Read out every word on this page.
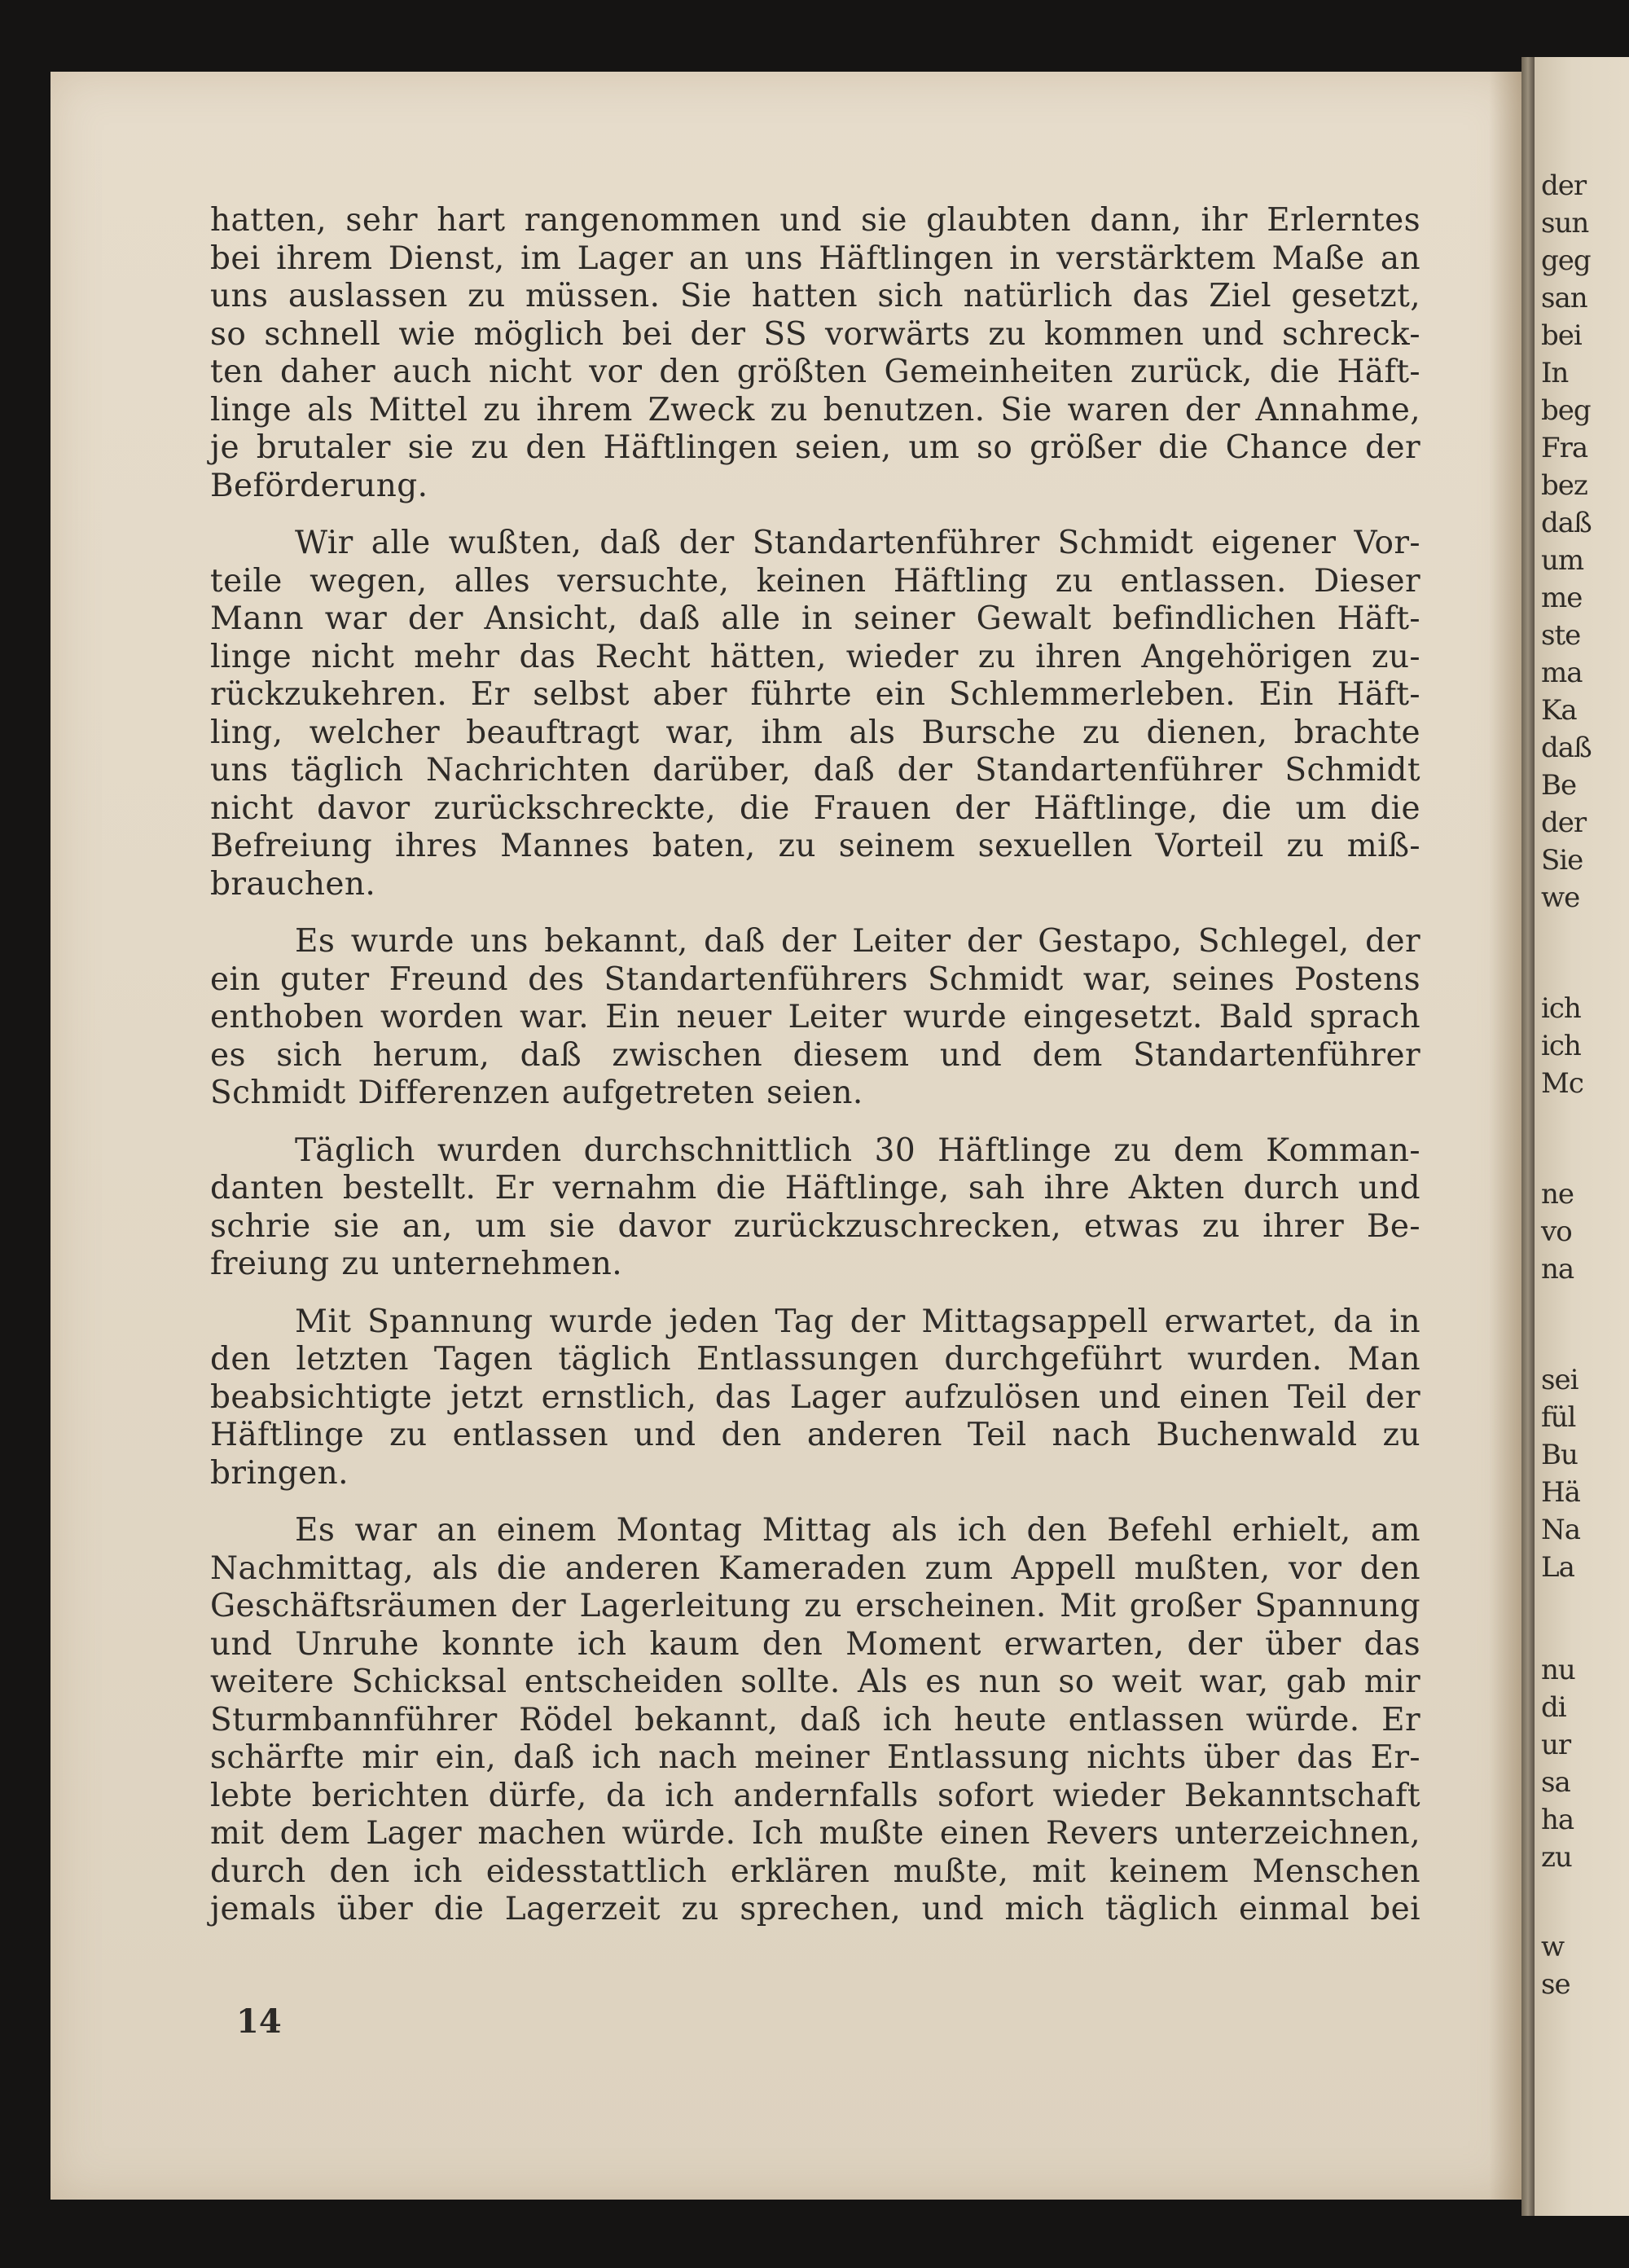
hatten, sehr hart rangenommen und sie glaubten dann, ihr Erlerntes
bei ihrem Dienst, im Lager an uns Häftlingen in verstärktem Maße an
uns auslassen zu müssen. Sie hatten sich natürlich das Ziel gesetzt,
so schnell wie möglich bei der SS vorwärts zu kommen und schreck-
ten daher auch nicht vor den größten Gemeinheiten zurück, die Häft-
linge als Mittel zu ihrem Zweck zu benutzen. Sie waren der Annahme,
je brutaler sie zu den Häftlingen seien, um so größer die Chance der
Beförderung.

Wir alle wußten, daß der Standartenführer Schmidt eigener Vor-
teile wegen, alles versuchte, keinen Häftling zu entlassen. Dieser
Mann war der Ansicht, daß alle in seiner Gewalt befindlichen Häft-
linge nicht mehr das Recht hätten, wieder zu ihren Angehörigen zu-
rückzukehren. Er selbst aber führte ein Schlemmerleben. Ein Häft-
ling, welcher beauftragt war, ihm als Bursche zu dienen, brachte
uns täglich Nachrichten darüber, daß der Standartenführer Schmidt
nicht davor zurückschreckte, die Frauen der Häftlinge, die um die
Befreiung ihres Mannes baten, zu seinem sexuellen Vorteil zu miß-
brauchen.

Es wurde uns bekannt, daß der Leiter der Gestapo, Schlegel, der
ein guter Freund des Standartenführers Schmidt war, seines Postens
enthoben worden war. Ein neuer Leiter wurde eingesetzt. Bald sprach
es sich herum, daß zwischen diesem und dem Standartenführer
Schmidt Differenzen aufgetreten seien.

Täglich wurden durchschnittlich 30 Häftlinge zu dem Komman-
danten bestellt. Er vernahm die Häftlinge, sah ihre Akten durch und
schrie sie an, um sie davor zurückzuschrecken, etwas zu ihrer Be-
freiung zu unternehmen.

Mit Spannung wurde jeden Tag der Mittagsappell erwartet, da in
den letzten Tagen täglich Entlassungen durchgeführt wurden. Man
beabsichtigte jetzt ernstlich, das Lager aufzulösen und einen Teil der
Häftlinge zu entlassen und den anderen Teil nach Buchenwald zu
bringen.

Es war an einem Montag Mittag als ich den Befehl erhielt, am
Nachmittag, als die anderen Kameraden zum Appell mußten, vor den
Geschäftsräumen der Lagerleitung zu erscheinen. Mit großer Spannung
und Unruhe konnte ich kaum den Moment erwarten, der über das
weitere Schicksal entscheiden sollte. Als es nun so weit war, gab mir
Sturmbannführer Rödel bekannt, daß ich heute entlassen würde. Er
schärfte mir ein, daß ich nach meiner Entlassung nichts über das Er-
lebte berichten dürfe, da ich andernfalls sofort wieder Bekanntschaft
mit dem Lager machen würde. Ich mußte einen Revers unterzeichnen,
durch den ich eidesstattlich erklären mußte, mit keinem Menschen
jemals über die Lagerzeit zu sprechen, und mich täglich einmal bei

14
der
sun
geg
san
bei
In
beg
Fra
bez
daß
um
me
ste
ma
Ka
daß
Be
der
Sie
we
ich
ich
Mc
ne
vo
na
sei
fül
Bu
Hä
Na
La
nu
di
ur
sa
ha
zu
w
se
